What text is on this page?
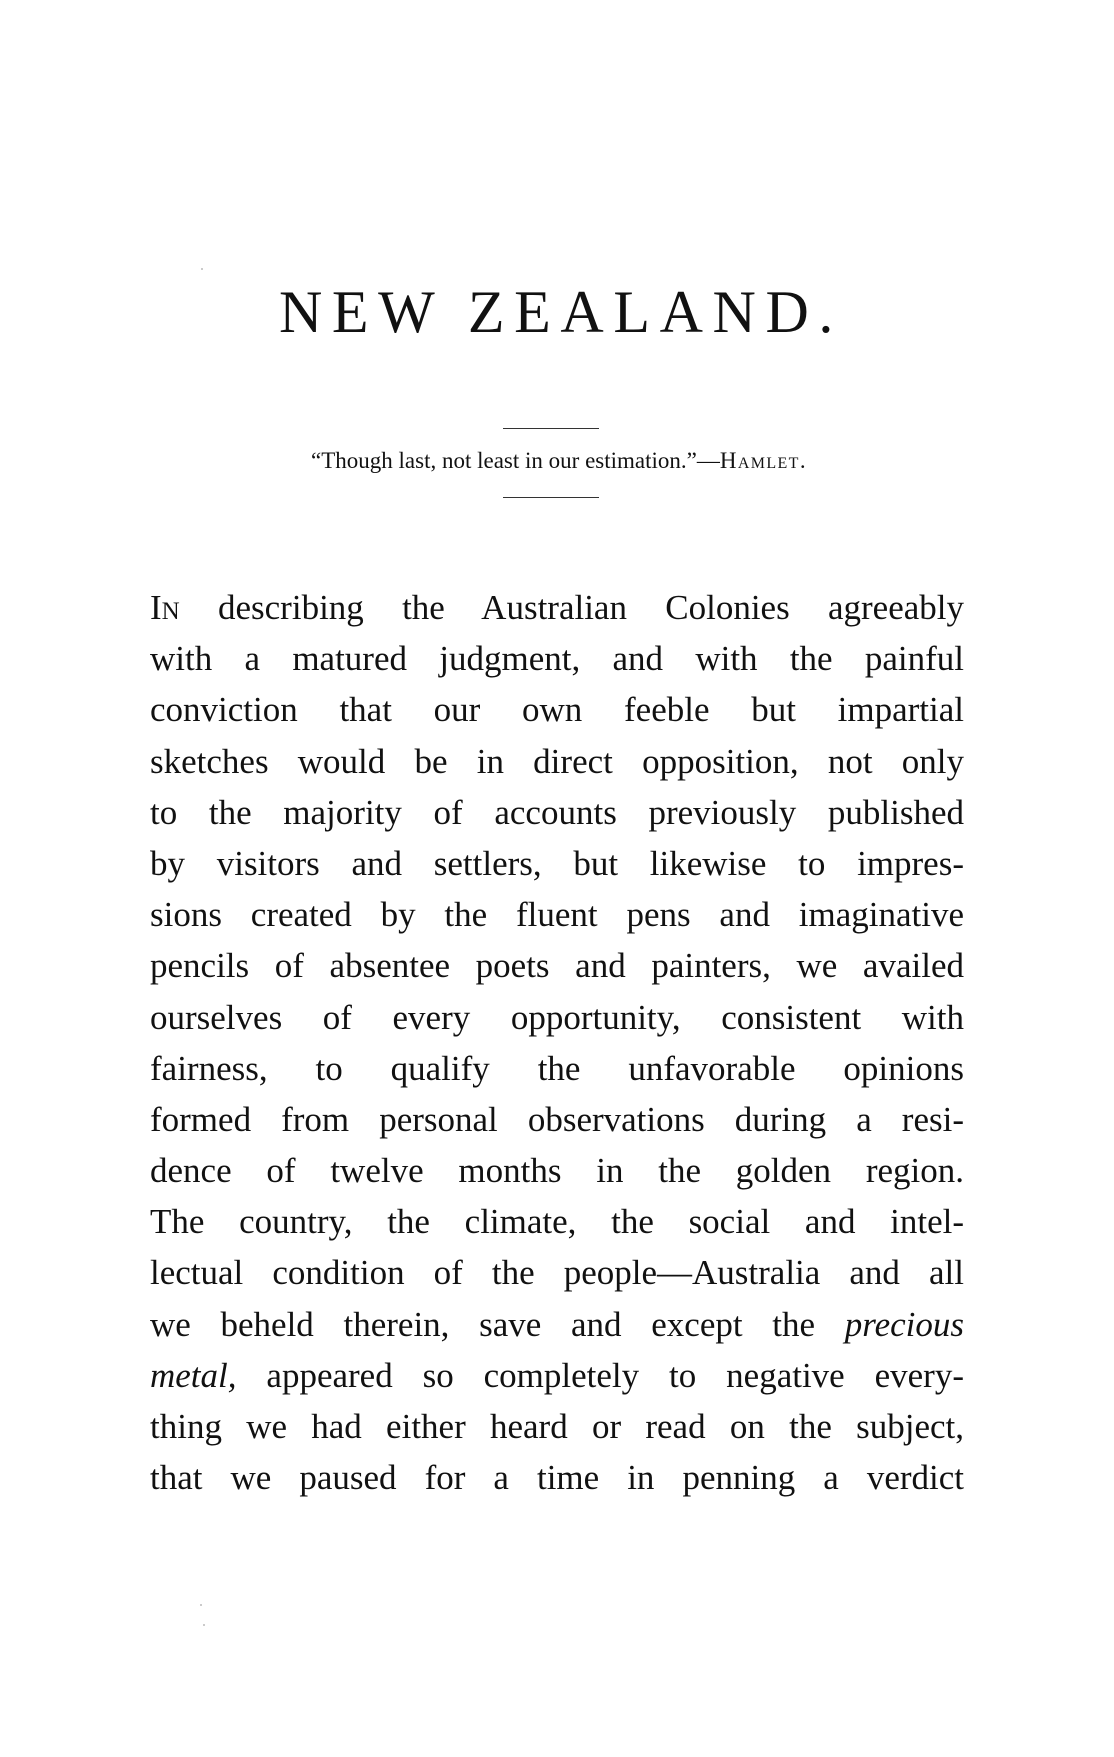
NEW ZEALAND.
“Though last, not least in our estimation.”—Hamlet.
In describing the Australian Colonies agreeably
with a matured judgment, and with the painful
conviction that our own feeble but impartial
sketches would be in direct opposition, not only
to the majority of accounts previously published
by visitors and settlers, but likewise to impres-
sions created by the fluent pens and imaginative
pencils of absentee poets and painters, we availed
ourselves of every opportunity, consistent with
fairness, to qualify the unfavorable opinions
formed from personal observations during a resi-
dence of twelve months in the golden region.
The country, the climate, the social and intel-
lectual condition of the people—Australia and all
we beheld therein, save and except the precious
metal, appeared so completely to negative every-
thing we had either heard or read on the subject,
that we paused for a time in penning a verdict
